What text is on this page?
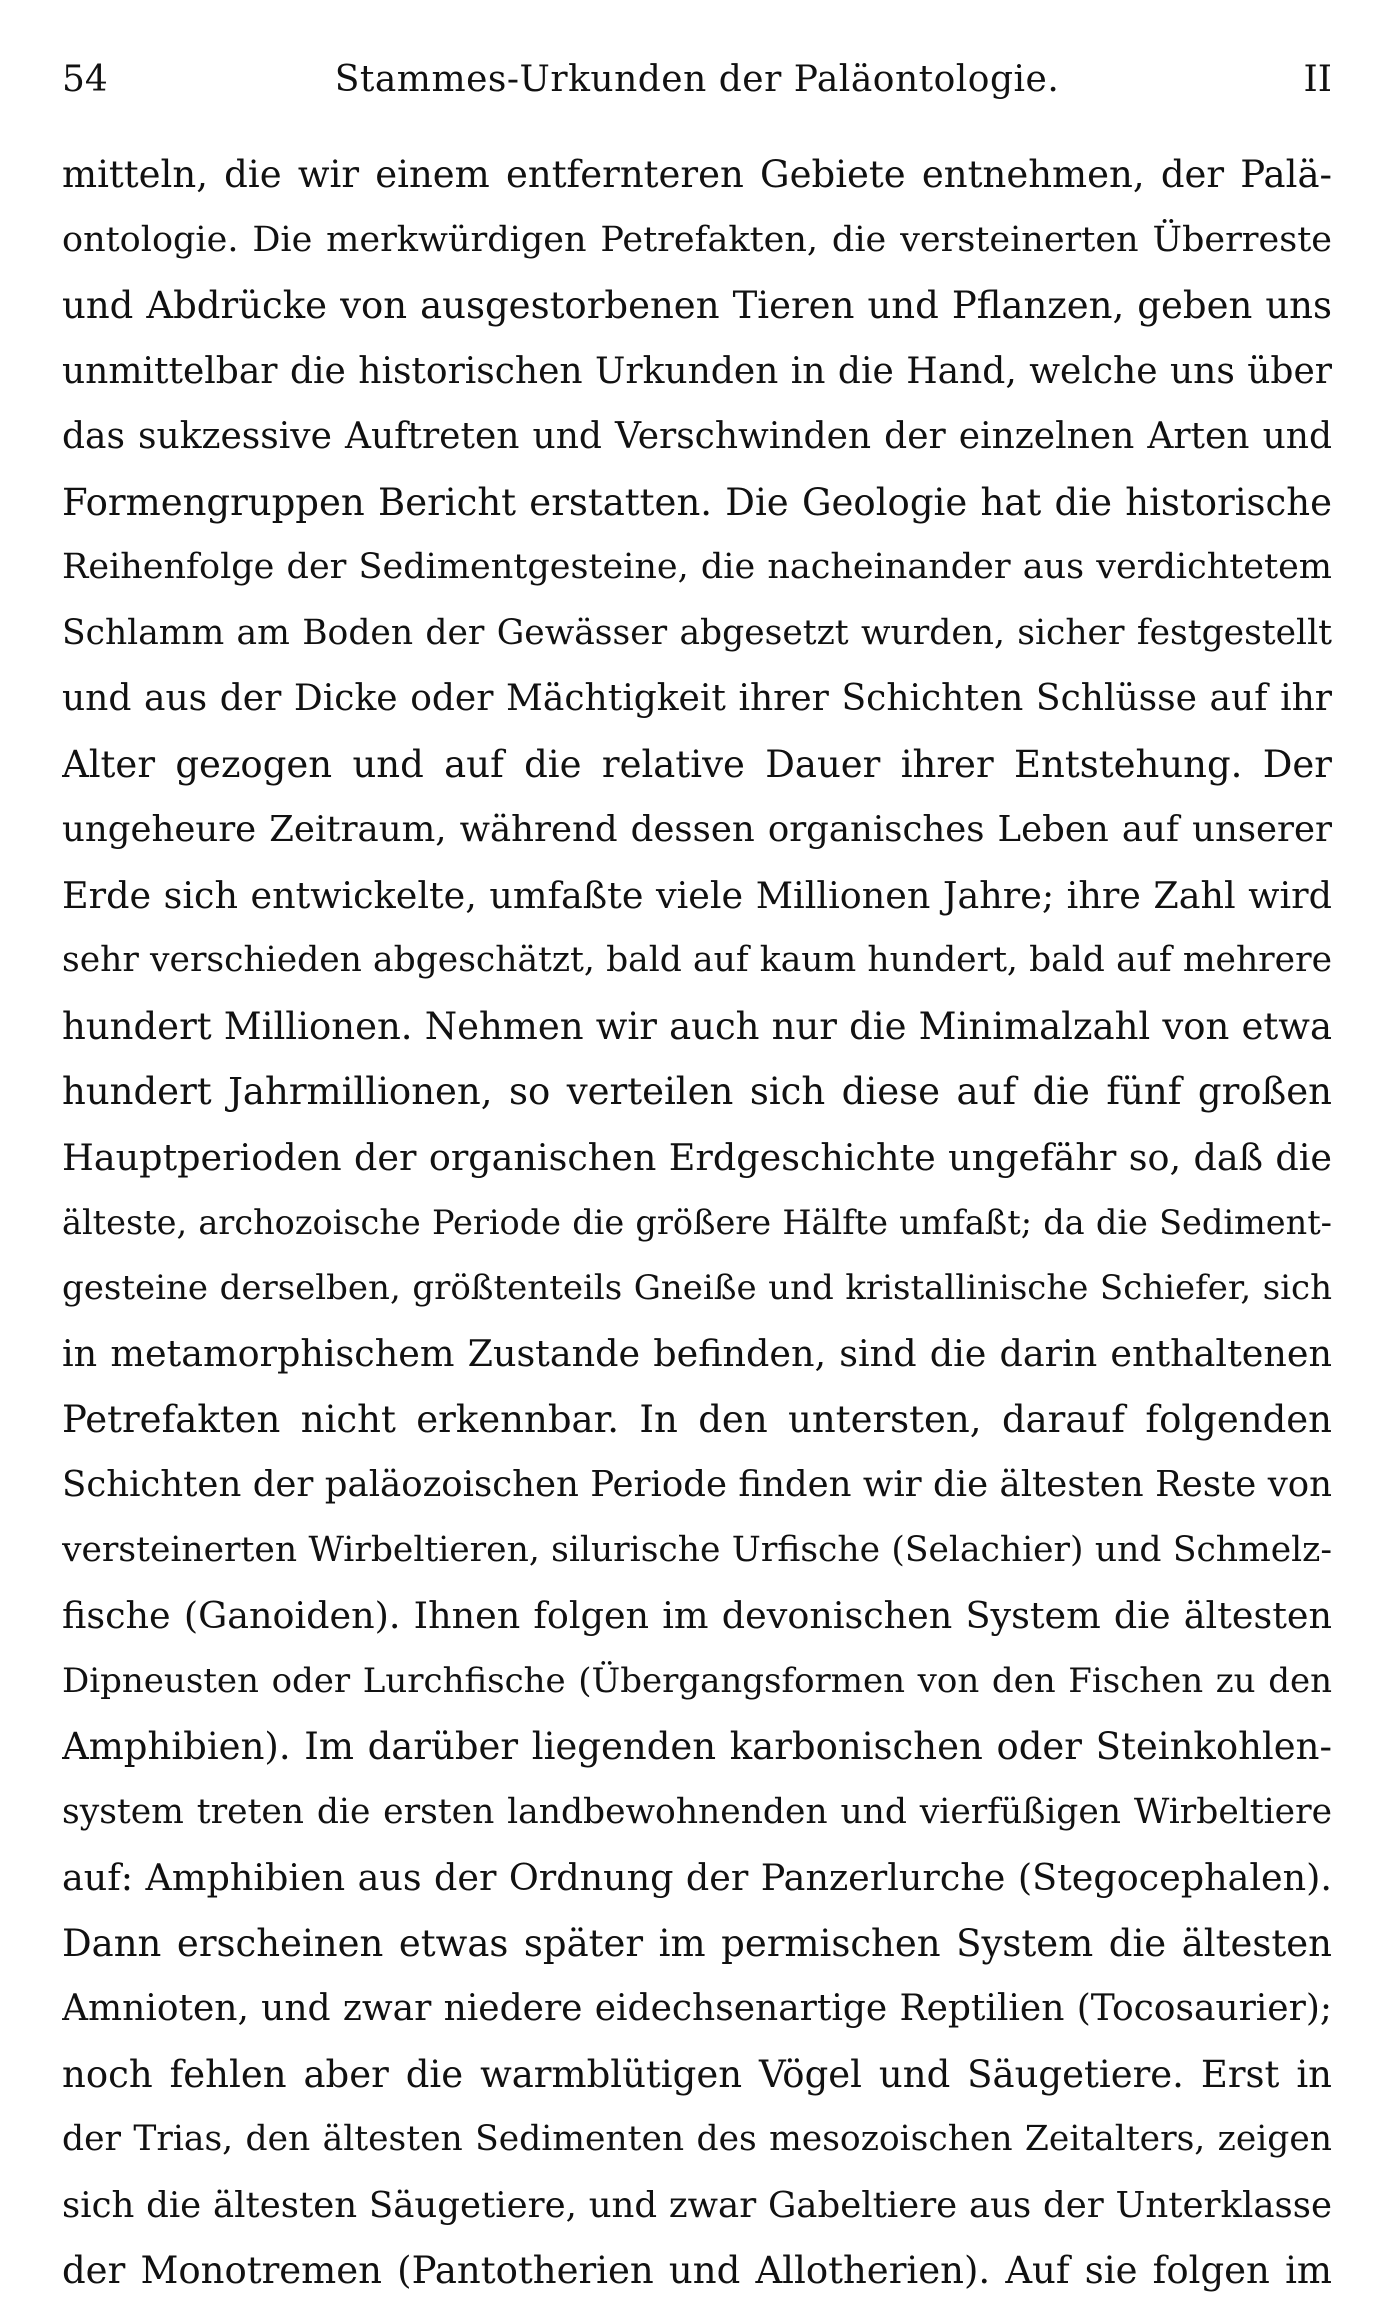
54	Stammes-Urkunden der Paläontologie.	II
mitteln, die wir einem entfernteren Gebiete entnehmen, der Palä-
ontologie. Die merkwürdigen Petrefakten, die versteinerten Überreste
und Abdrücke von ausgestorbenen Tieren und Pflanzen, geben uns
unmittelbar die historischen Urkunden in die Hand, welche uns über
das sukzessive Auftreten und Verschwinden der einzelnen Arten und
Formengruppen Bericht erstatten. Die Geologie hat die historische
Reihenfolge der Sedimentgesteine, die nacheinander aus verdichtetem
Schlamm am Boden der Gewässer abgesetzt wurden, sicher festgestellt
und aus der Dicke oder Mächtigkeit ihrer Schichten Schlüsse auf ihr
Alter gezogen und auf die relative Dauer ihrer Entstehung. Der
ungeheure Zeitraum, während dessen organisches Leben auf unserer
Erde sich entwickelte, umfaßte viele Millionen Jahre; ihre Zahl wird
sehr verschieden abgeschätzt, bald auf kaum hundert, bald auf mehrere
hundert Millionen. Nehmen wir auch nur die Minimalzahl von etwa
hundert Jahrmillionen, so verteilen sich diese auf die fünf großen
Hauptperioden der organischen Erdgeschichte ungefähr so, daß die
älteste, archozoische Periode die größere Hälfte umfaßt; da die Sediment-
gesteine derselben, größtenteils Gneiße und kristallinische Schiefer, sich
in metamorphischem Zustande befinden, sind die darin enthaltenen
Petrefakten nicht erkennbar. In den untersten, darauf folgenden
Schichten der paläozoischen Periode finden wir die ältesten Reste von
versteinerten Wirbeltieren, silurische Urfische (Selachier) und Schmelz-
fische (Ganoiden). Ihnen folgen im devonischen System die ältesten
Dipneusten oder Lurchfische (Übergangsformen von den Fischen zu den
Amphibien). Im darüber liegenden karbonischen oder Steinkohlen-
system treten die ersten landbewohnenden und vierfüßigen Wirbeltiere
auf: Amphibien aus der Ordnung der Panzerlurche (Stegocephalen).
Dann erscheinen etwas später im permischen System die ältesten
Amnioten, und zwar niedere eidechsenartige Reptilien (Tocosaurier);
noch fehlen aber die warmblütigen Vögel und Säugetiere. Erst in
der Trias, den ältesten Sedimenten des mesozoischen Zeitalters, zeigen
sich die ältesten Säugetiere, und zwar Gabeltiere aus der Unterklasse
der Monotremen (Pantotherien und Allotherien). Auf sie folgen im
